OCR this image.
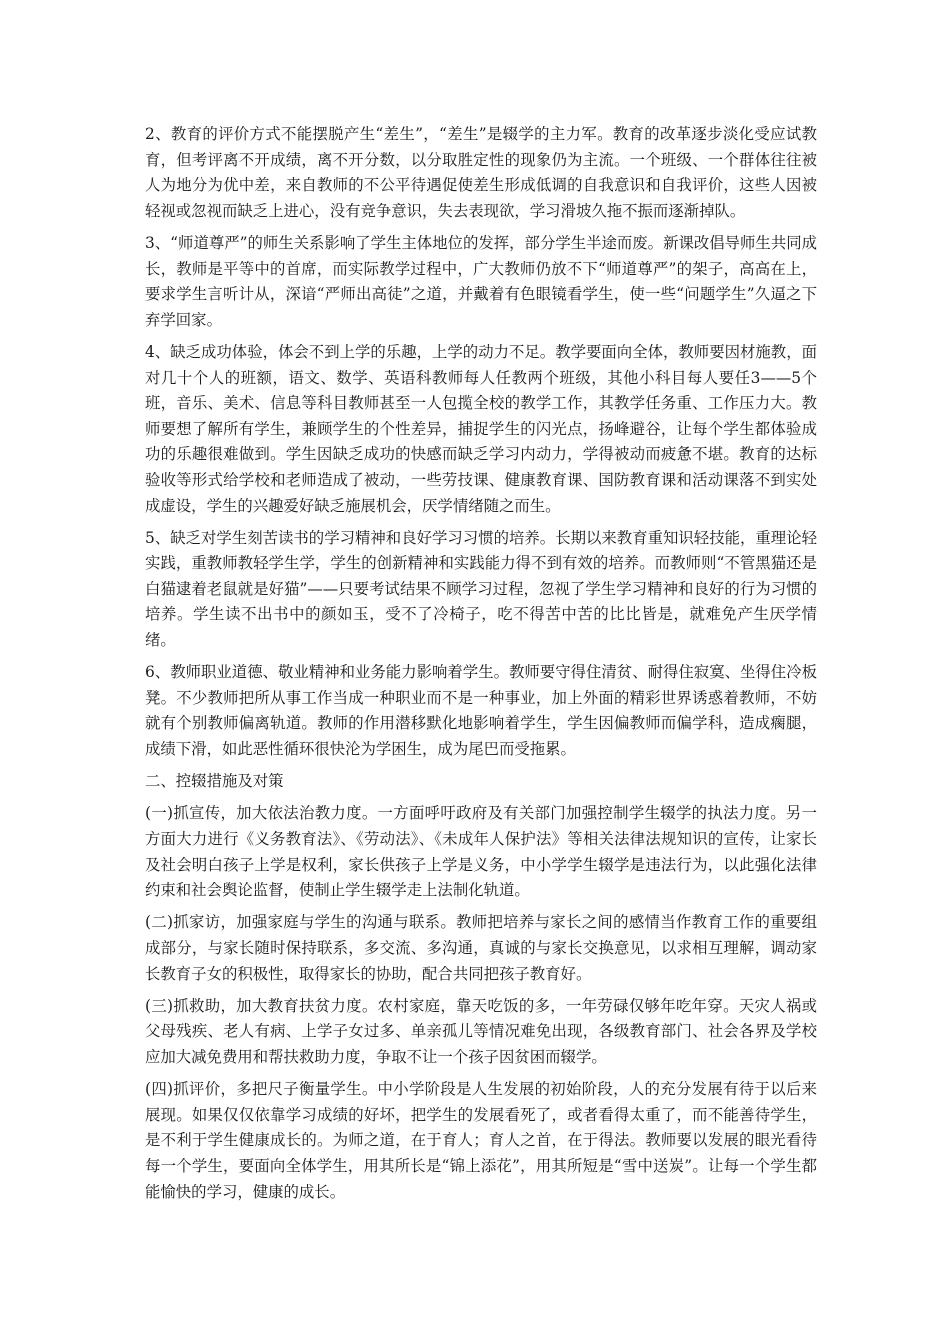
2、教育的评价方式不能摆脱产生“差生”，“差生”是辍学的主力军。教育的改革逐步淡化受应试教育，但考评离不开成绩，离不开分数，以分取胜定性的现象仍为主流。一个班级、一个群体往往被人为地分为优中差，来自教师的不公平待遇促使差生形成低调的自我意识和自我评价，这些人因被轻视或忽视而缺乏上进心，没有竞争意识，失去表现欲，学习滑坡久拖不振而逐渐掉队。

3、“师道尊严”的师生关系影响了学生主体地位的发挥，部分学生半途而废。新课改倡导师生共同成长，教师是平等中的首席，而实际教学过程中，广大教师仍放不下“师道尊严”的架子，高高在上，要求学生言听计从，深谙“严师出高徒”之道，并戴着有色眼镜看学生，使一些“问题学生”久逼之下弃学回家。

4、缺乏成功体验，体会不到上学的乐趣，上学的动力不足。教学要面向全体，教师要因材施教，面对几十个人的班额，语文、数学、英语科教师每人任教两个班级，其他小科目每人要任3——5个班，音乐、美术、信息等科目教师甚至一人包揽全校的教学工作，其教学任务重、工作压力大。教师要想了解所有学生，兼顾学生的个性差异，捕捉学生的闪光点，扬峰避谷，让每个学生都体验成功的乐趣很难做到。学生因缺乏成功的快感而缺乏学习内动力，学得被动而疲惫不堪。教育的达标验收等形式给学校和老师造成了被动，一些劳技课、健康教育课、国防教育课和活动课落不到实处成虚设，学生的兴趣爱好缺乏施展机会，厌学情绪随之而生。

5、缺乏对学生刻苦读书的学习精神和良好学习习惯的培养。长期以来教育重知识轻技能，重理论轻实践，重教师教轻学生学，学生的创新精神和实践能力得不到有效的培养。而教师则“不管黑猫还是白猫逮着老鼠就是好猫”——只要考试结果不顾学习过程，忽视了学生学习精神和良好的行为习惯的培养。学生读不出书中的颜如玉，受不了冷椅子，吃不得苦中苦的比比皆是，就难免产生厌学情绪。

6、教师职业道德、敬业精神和业务能力影响着学生。教师要守得住清贫、耐得住寂寞、坐得住冷板凳。不少教师把所从事工作当成一种职业而不是一种事业，加上外面的精彩世界诱惑着教师，不妨就有个别教师偏离轨道。教师的作用潜移默化地影响着学生，学生因偏教师而偏学科，造成瘸腿，成绩下滑，如此恶性循环很快沦为学困生，成为尾巴而受拖累。

二、控辍措施及对策

(一)抓宣传，加大依法治教力度。一方面呼吁政府及有关部门加强控制学生辍学的执法力度。另一方面大力进行《义务教育法》、《劳动法》、《未成年人保护法》等相关法律法规知识的宣传，让家长及社会明白孩子上学是权利，家长供孩子上学是义务，中小学学生辍学是违法行为，以此强化法律约束和社会舆论监督，使制止学生辍学走上法制化轨道。

(二)抓家访，加强家庭与学生的沟通与联系。教师把培养与家长之间的感情当作教育工作的重要组成部分，与家长随时保持联系，多交流、多沟通，真诚的与家长交换意见，以求相互理解，调动家长教育子女的积极性，取得家长的协助，配合共同把孩子教育好。

(三)抓救助，加大教育扶贫力度。农村家庭，靠天吃饭的多，一年劳碌仅够年吃年穿。天灾人祸或父母残疾、老人有病、上学子女过多、单亲孤儿等情况难免出现，各级教育部门、社会各界及学校应加大减免费用和帮扶救助力度，争取不让一个孩子因贫困而辍学。

(四)抓评价，多把尺子衡量学生。中小学阶段是人生发展的初始阶段，人的充分发展有待于以后来展现。如果仅仅依靠学习成绩的好坏，把学生的发展看死了，或者看得太重了，而不能善待学生，是不利于学生健康成长的。为师之道，在于育人；育人之首，在于得法。教师要以发展的眼光看待每一个学生，要面向全体学生，用其所长是“锦上添花”，用其所短是“雪中送炭”。让每一个学生都能愉快的学习，健康的成长。
